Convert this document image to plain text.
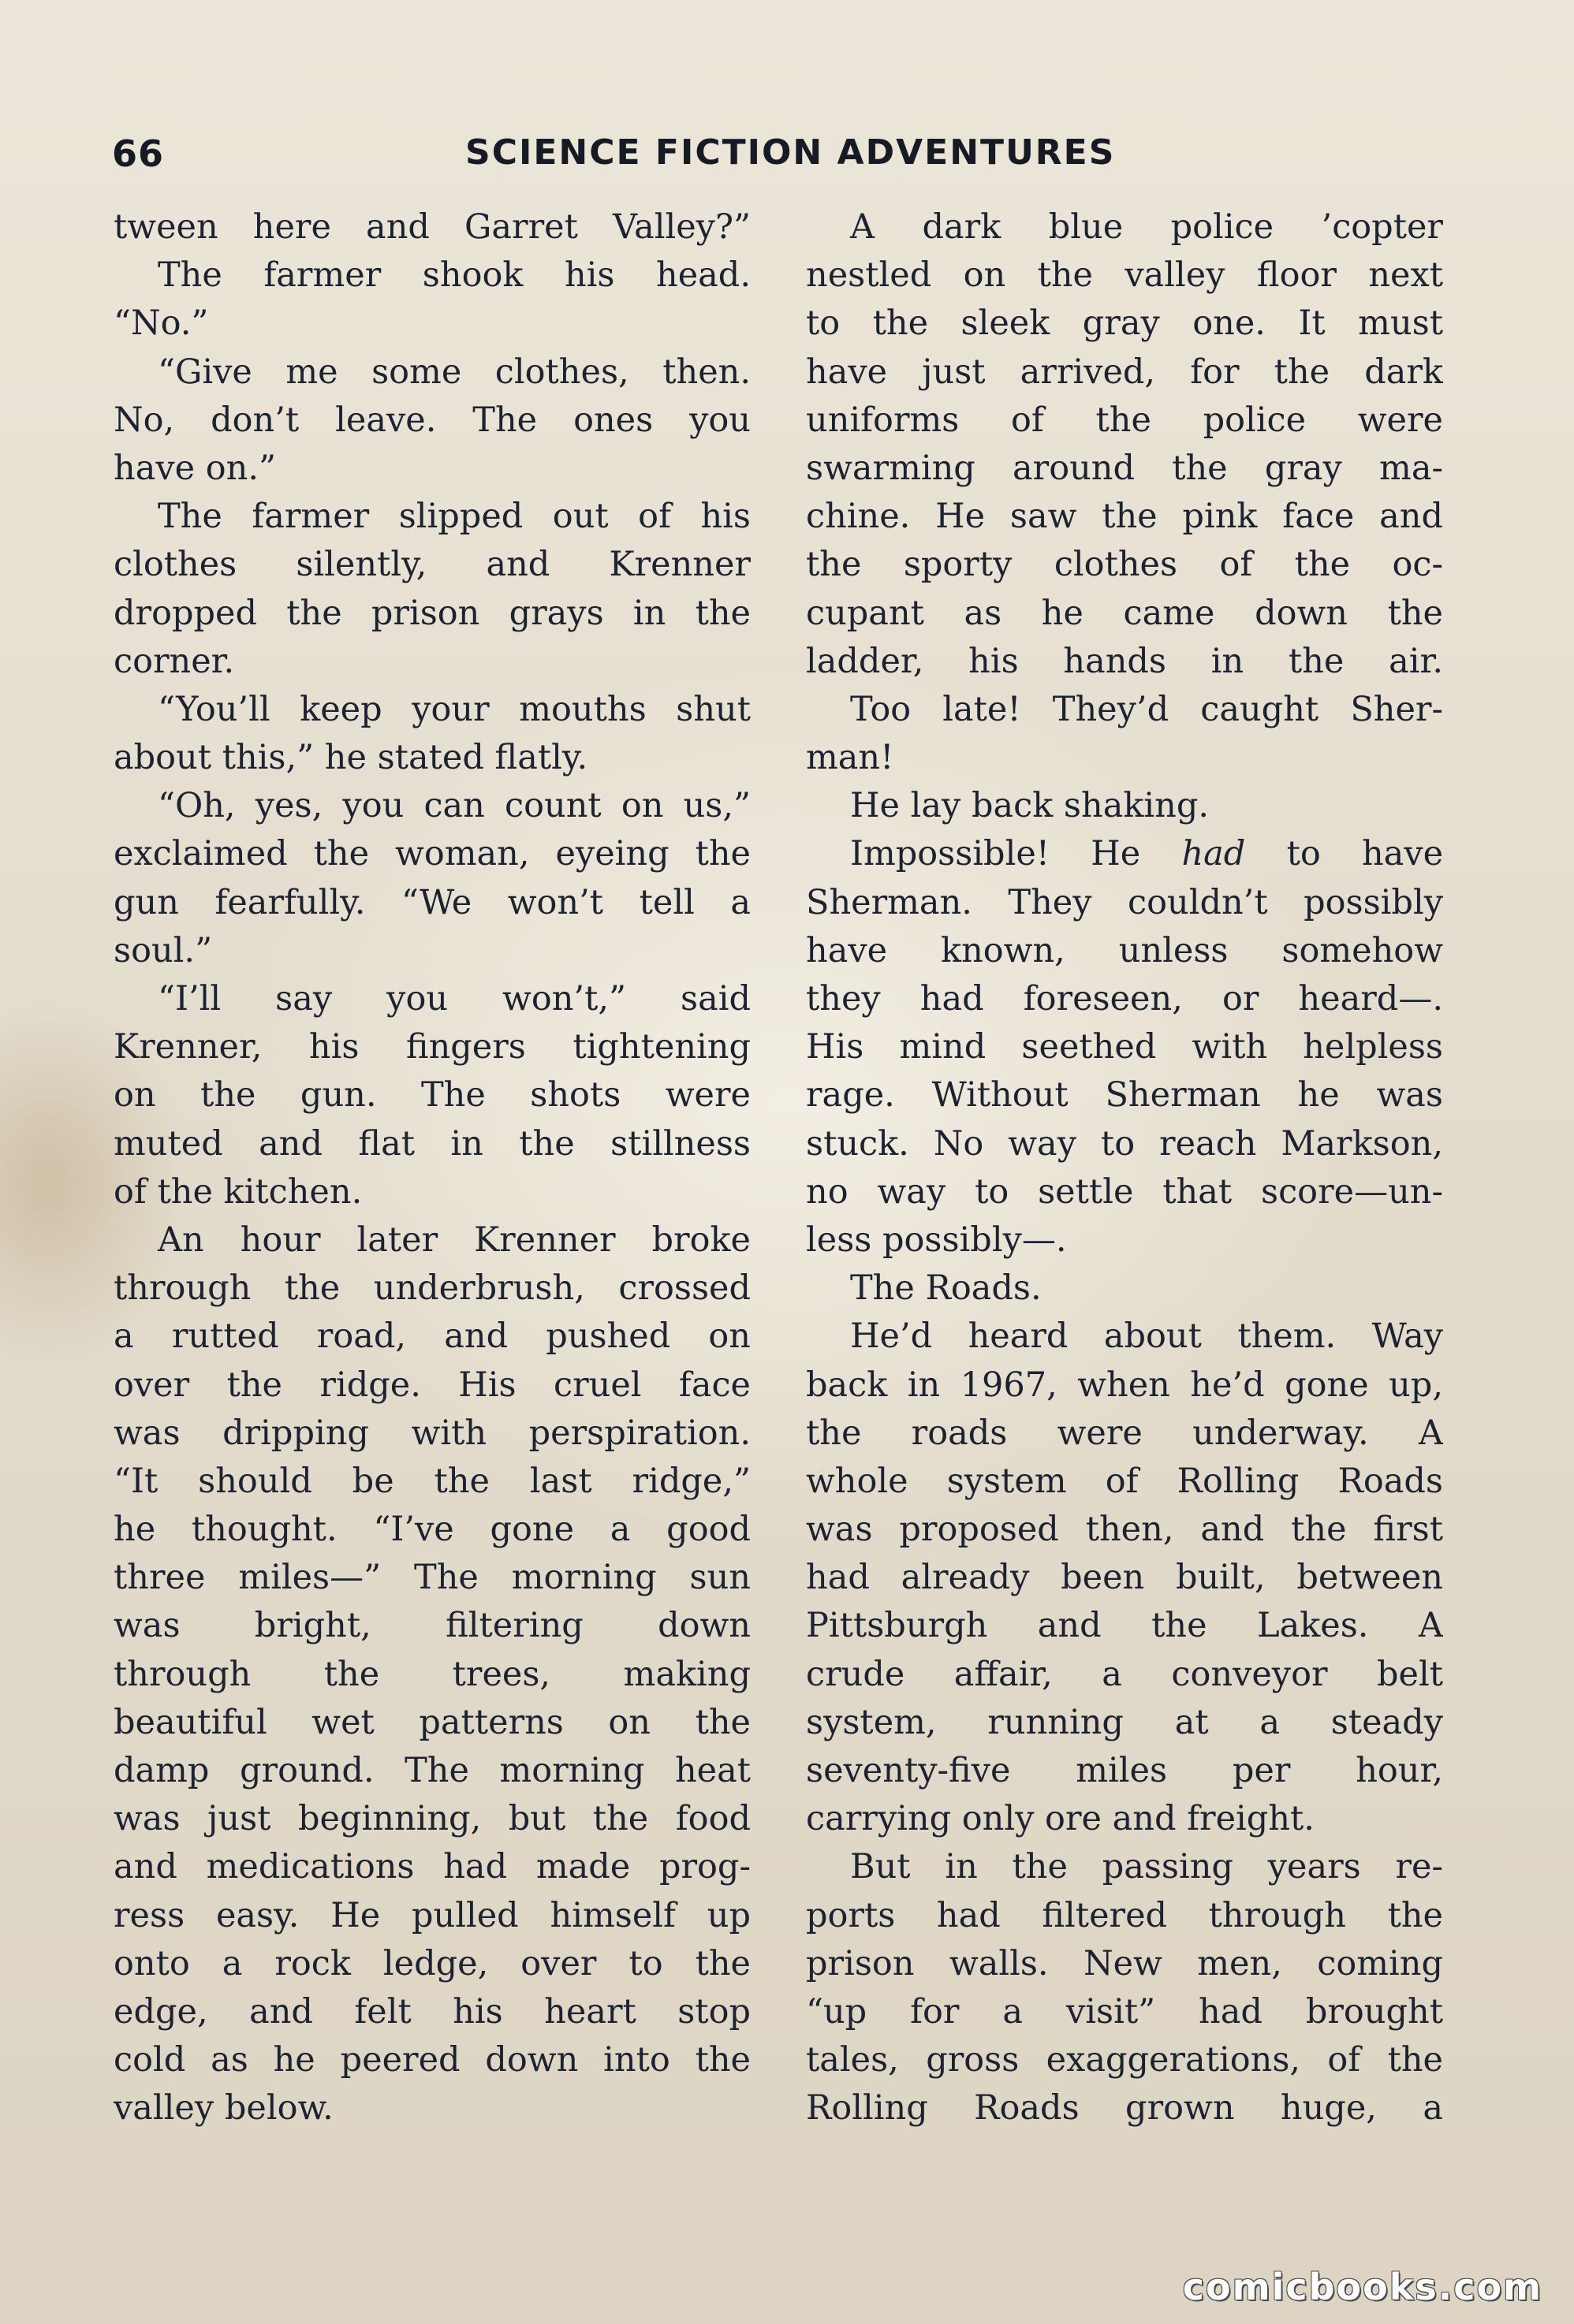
66	SCIENCE FICTION ADVENTURES
tween here and Garret Valley?”
The farmer shook his head.
“No.”
“Give me some clothes, then.
No, don’t leave. The ones you
have on.”
The farmer slipped out of his
clothes silently, and Krenner
dropped the prison grays in the
corner.
“You’ll keep your mouths shut
about this,” he stated flatly.
“Oh, yes, you can count on us,”
exclaimed the woman, eyeing the
gun fearfully. “We won’t tell a
soul.”
“I’ll say you won’t,” said
Krenner, his fingers tightening
on the gun. The shots were
muted and flat in the stillness
of the kitchen.
An hour later Krenner broke
through the underbrush, crossed
a rutted road, and pushed on
over the ridge. His cruel face
was dripping with perspiration.
“It should be the last ridge,”
he thought. “I’ve gone a good
three miles—” The morning sun
was bright, filtering down
through the trees, making
beautiful wet patterns on the
damp ground. The morning heat
was just beginning, but the food
and medications had made prog-
ress easy. He pulled himself up
onto a rock ledge, over to the
edge, and felt his heart stop
cold as he peered down into the
valley below.
A dark blue police ’copter
nestled on the valley floor next
to the sleek gray one. It must
have just arrived, for the dark
uniforms of the police were
swarming around the gray ma-
chine. He saw the pink face and
the sporty clothes of the oc-
cupant as he came down the
ladder, his hands in the air.
Too late! They’d caught Sher-
man!
He lay back shaking.
Impossible! He had to have
Sherman. They couldn’t possibly
have known, unless somehow
they had foreseen, or heard—.
His mind seethed with helpless
rage. Without Sherman he was
stuck. No way to reach Markson,
no way to settle that score—un-
less possibly—.
The Roads.
He’d heard about them. Way
back in 1967, when he’d gone up,
the roads were underway. A
whole system of Rolling Roads
was proposed then, and the first
had already been built, between
Pittsburgh and the Lakes. A
crude affair, a conveyor belt
system, running at a steady
seventy-five miles per hour,
carrying only ore and freight.
But in the passing years re-
ports had filtered through the
prison walls. New men, coming
“up for a visit” had brought
tales, gross exaggerations, of the
Rolling Roads grown huge, a
comicbooks.com
